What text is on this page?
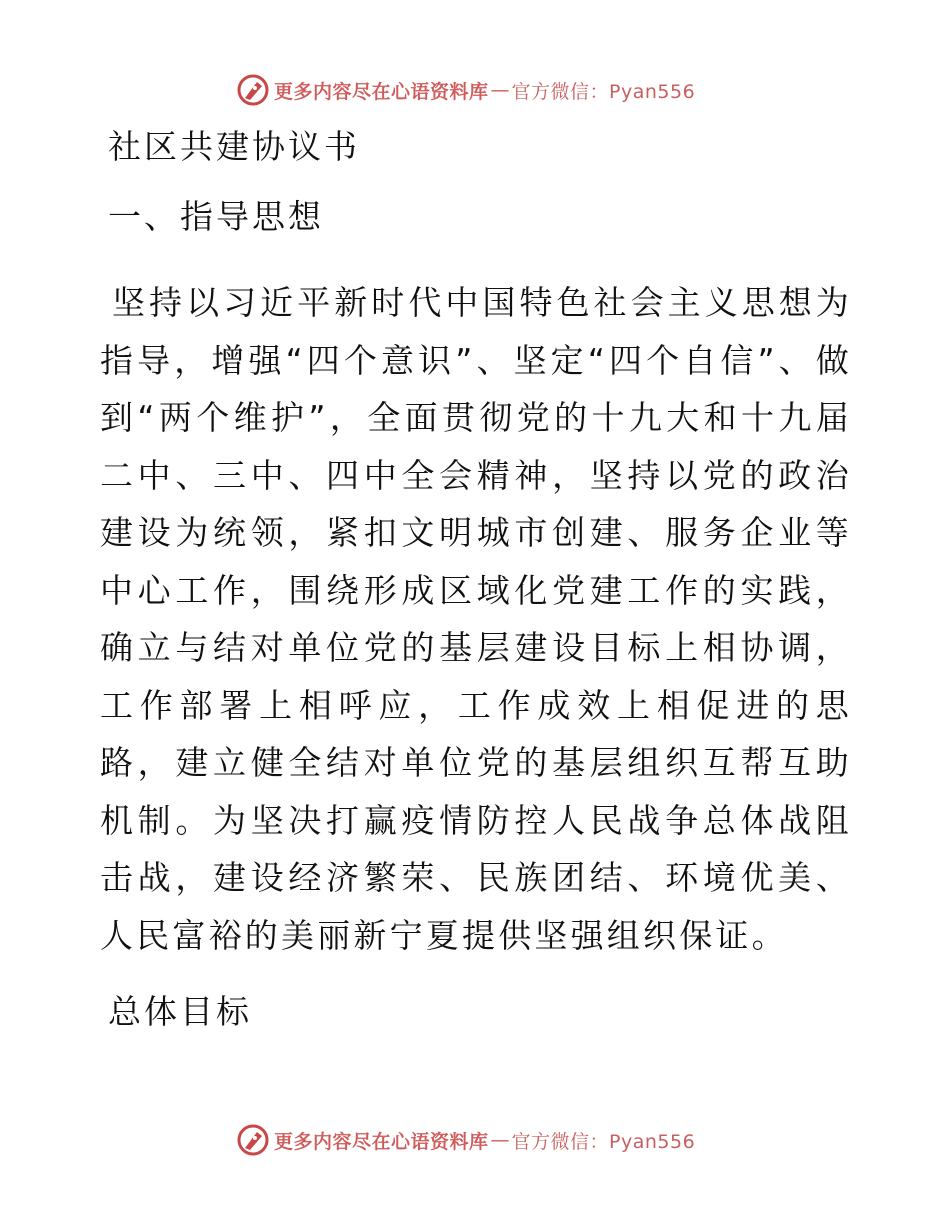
更多内容尽在心语资料库 — 官方微信：Pyan556
社区共建协议书
一、指导思想
坚持以习近平新时代中国特色社会主义思想为指导，增强“四个意识”、坚定“四个自信”、做到“两个维护”，全面贯彻党的十九大和十九届二中、三中、四中全会精神，坚持以党的政治建设为统领，紧扣文明城市创建、服务企业等中心工作，围绕形成区域化党建工作的实践，确立与结对单位党的基层建设目标上相协调，工作部署上相呼应，工作成效上相促进的思路，建立健全结对单位党的基层组织互帮互助机制。为坚决打赢疫情防控人民战争总体战阻击战，建设经济繁荣、民族团结、环境优美、人民富裕的美丽新宁夏提供坚强组织保证。
总体目标
更多内容尽在心语资料库 — 官方微信：Pyan556
